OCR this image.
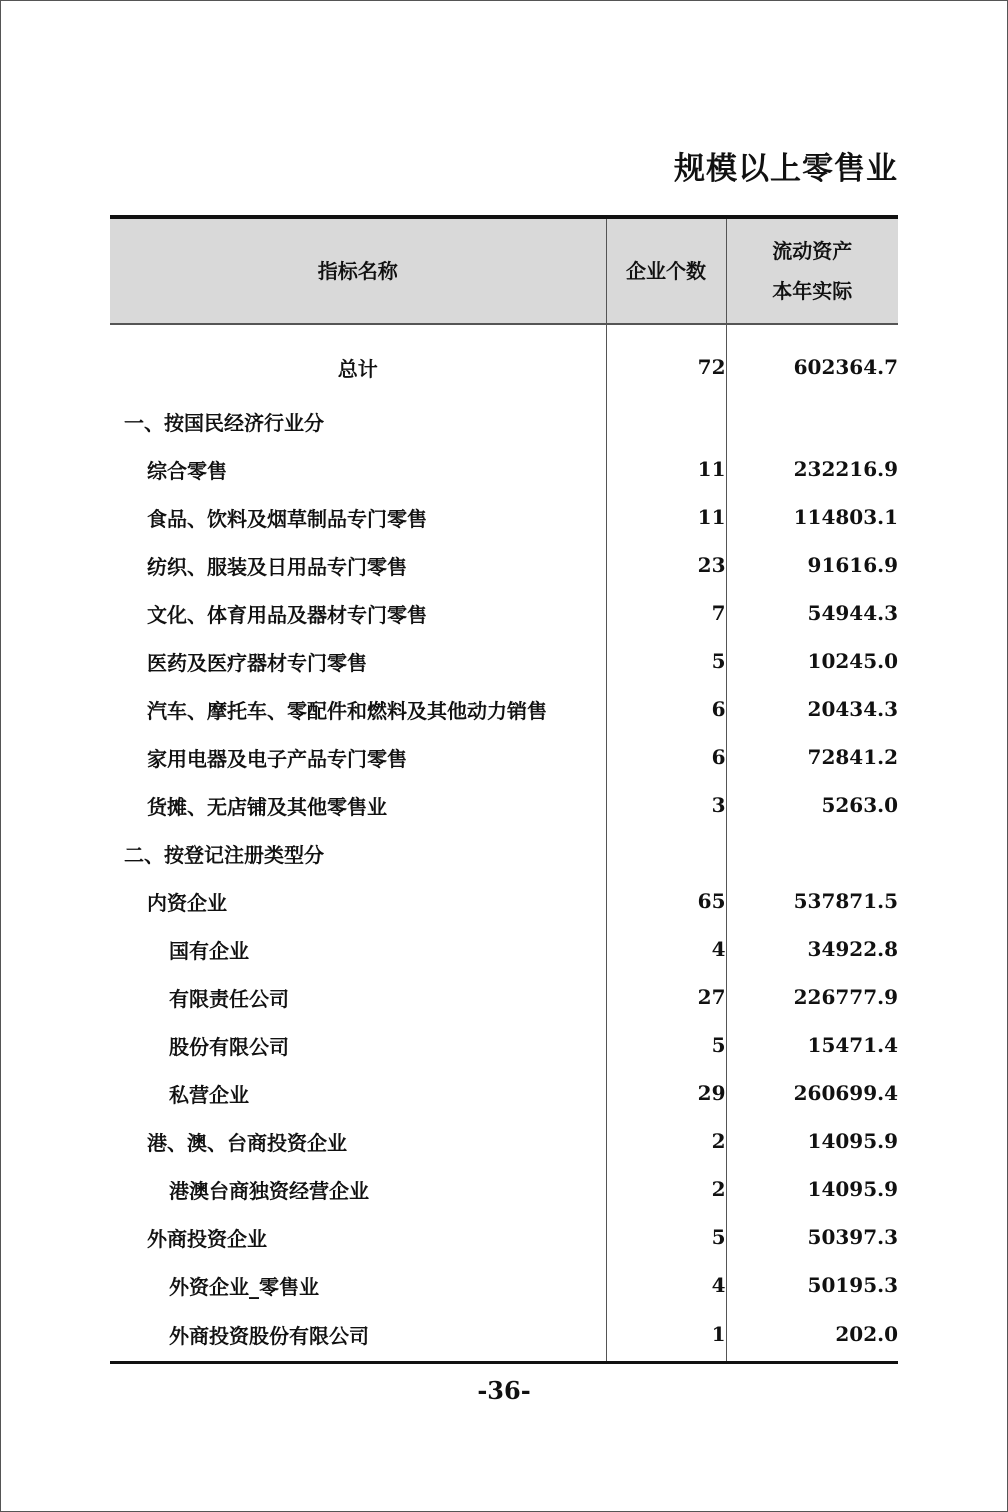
规模以上零售业
指标名称	企业个数	流动资产
本年实际

总计	72	602364.7
一、按国民经济行业分		
综合零售	11	232216.9
食品、饮料及烟草制品专门零售	11	114803.1
纺织、服装及日用品专门零售	23	91616.9
文化、体育用品及器材专门零售	7	54944.3
医药及医疗器材专门零售	5	10245.0
汽车、摩托车、零配件和燃料及其他动力销售	6	20434.3
家用电器及电子产品专门零售	6	72841.2
货摊、无店铺及其他零售业	3	5263.0
二、按登记注册类型分		
内资企业	65	537871.5
国有企业	4	34922.8
有限责任公司	27	226777.9
股份有限公司	5	15471.4
私营企业	29	260699.4
港、澳、台商投资企业	2	14095.9
港澳台商独资经营企业	2	14095.9
外商投资企业	5	50397.3
外资企业_零售业	4	50195.3
外商投资股份有限公司	1	202.0
-36-
